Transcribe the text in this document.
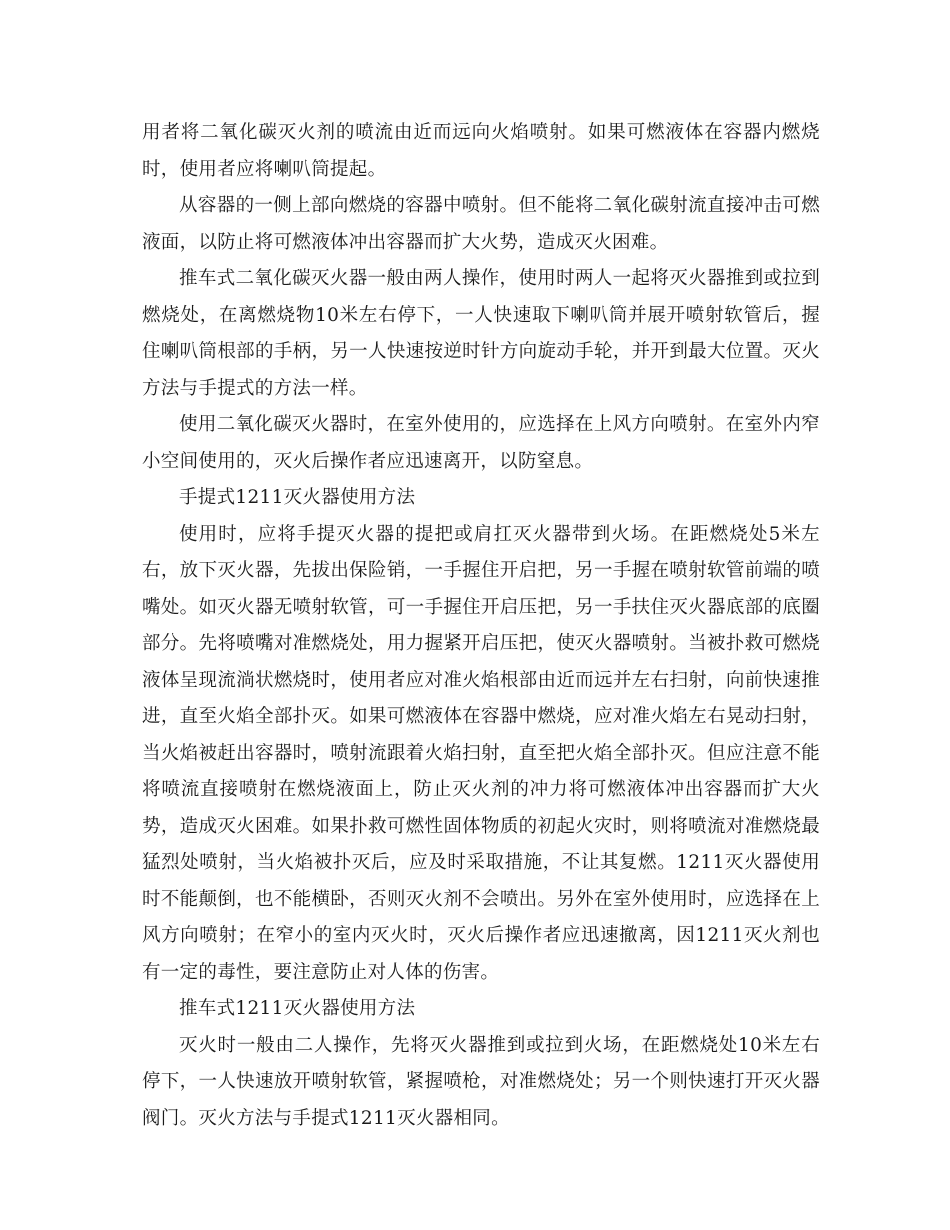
用者将二氧化碳灭火剂的喷流由近而远向火焰喷射。如果可燃液体在容器内燃烧时，使用者应将喇叭筒提起。

从容器的一侧上部向燃烧的容器中喷射。但不能将二氧化碳射流直接冲击可燃液面，以防止将可燃液体冲出容器而扩大火势，造成灭火困难。

推车式二氧化碳灭火器一般由两人操作，使用时两人一起将灭火器推到或拉到燃烧处，在离燃烧物10米左右停下，一人快速取下喇叭筒并展开喷射软管后，握住喇叭筒根部的手柄，另一人快速按逆时针方向旋动手轮，并开到最大位置。灭火方法与手提式的方法一样。

使用二氧化碳灭火器时，在室外使用的，应选择在上风方向喷射。在室外内窄小空间使用的，灭火后操作者应迅速离开，以防窒息。

手提式1211灭火器使用方法

使用时，应将手提灭火器的提把或肩扛灭火器带到火场。在距燃烧处5米左右，放下灭火器，先拔出保险销，一手握住开启把，另一手握在喷射软管前端的喷嘴处。如灭火器无喷射软管，可一手握住开启压把，另一手扶住灭火器底部的底圈部分。先将喷嘴对准燃烧处，用力握紧开启压把，使灭火器喷射。当被扑救可燃烧液体呈现流淌状燃烧时，使用者应对准火焰根部由近而远并左右扫射，向前快速推进，直至火焰全部扑灭。如果可燃液体在容器中燃烧，应对准火焰左右晃动扫射，当火焰被赶出容器时，喷射流跟着火焰扫射，直至把火焰全部扑灭。但应注意不能将喷流直接喷射在燃烧液面上，防止灭火剂的冲力将可燃液体冲出容器而扩大火势，造成灭火困难。如果扑救可燃性固体物质的初起火灾时，则将喷流对准燃烧最猛烈处喷射，当火焰被扑灭后，应及时采取措施，不让其复燃。1211灭火器使用时不能颠倒，也不能横卧，否则灭火剂不会喷出。另外在室外使用时，应选择在上风方向喷射；在窄小的室内灭火时，灭火后操作者应迅速撤离，因1211灭火剂也有一定的毒性，要注意防止对人体的伤害。

推车式1211灭火器使用方法

灭火时一般由二人操作，先将灭火器推到或拉到火场，在距燃烧处10米左右停下，一人快速放开喷射软管，紧握喷枪，对准燃烧处；另一个则快速打开灭火器阀门。灭火方法与手提式1211灭火器相同。
